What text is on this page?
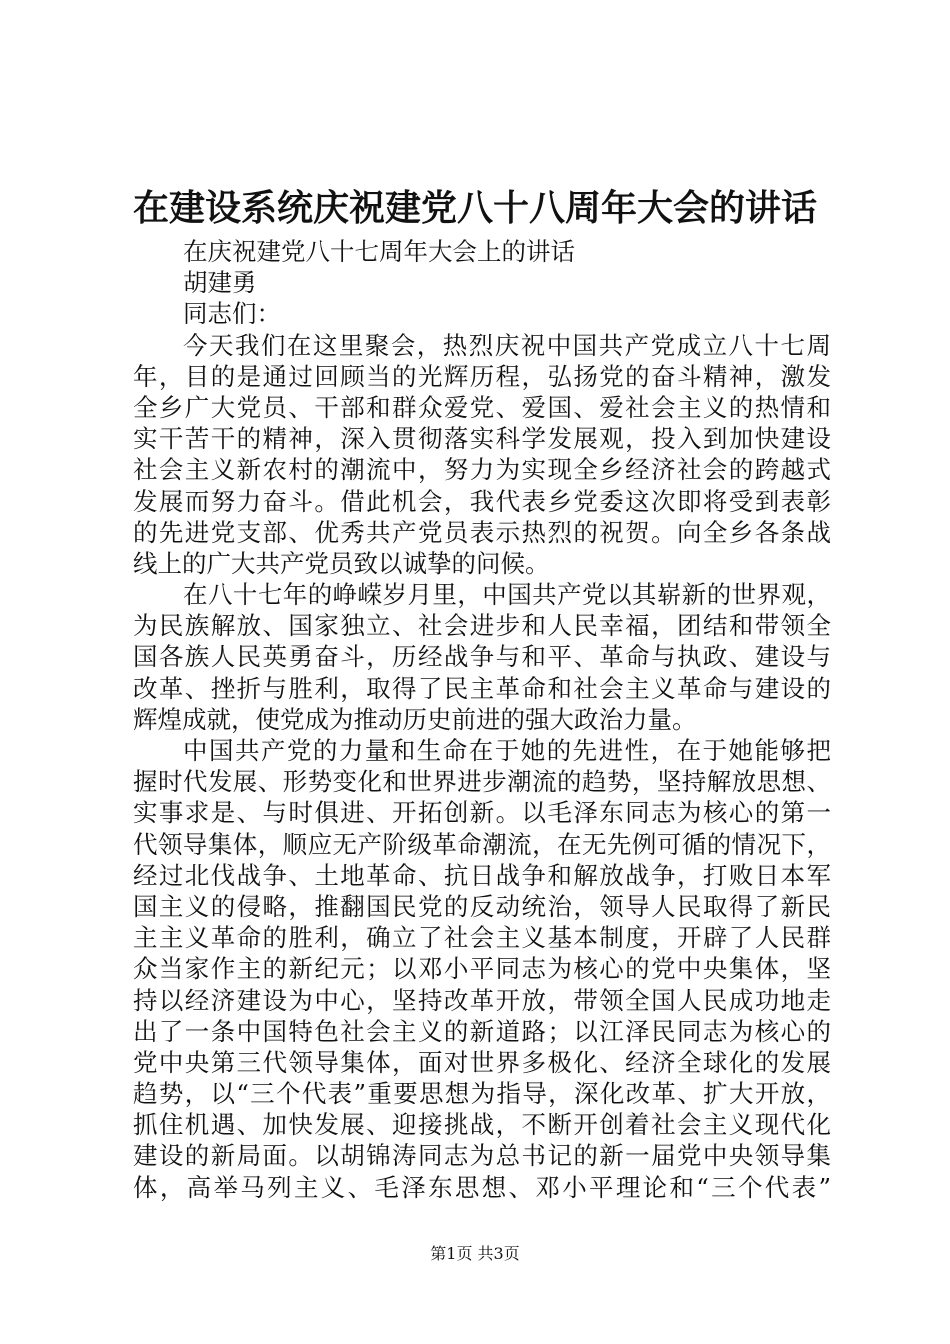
在建设系统庆祝建党八十八周年大会的讲话
在庆祝建党八十七周年大会上的讲话
胡建勇
同志们：
今天我们在这里聚会，热烈庆祝中国共产党成立八十七周
年，目的是通过回顾当的光辉历程，弘扬党的奋斗精神，激发
全乡广大党员、干部和群众爱党、爱国、爱社会主义的热情和
实干苦干的精神，深入贯彻落实科学发展观，投入到加快建设
社会主义新农村的潮流中，努力为实现全乡经济社会的跨越式
发展而努力奋斗。借此机会，我代表乡党委这次即将受到表彰
的先进党支部、优秀共产党员表示热烈的祝贺。向全乡各条战
线上的广大共产党员致以诚挚的问候。
在八十七年的峥嵘岁月里，中国共产党以其崭新的世界观，
为民族解放、国家独立、社会进步和人民幸福，团结和带领全
国各族人民英勇奋斗，历经战争与和平、革命与执政、建设与
改革、挫折与胜利，取得了民主革命和社会主义革命与建设的
辉煌成就，使党成为推动历史前进的强大政治力量。
中国共产党的力量和生命在于她的先进性，在于她能够把
握时代发展、形势变化和世界进步潮流的趋势，坚持解放思想、
实事求是、与时俱进、开拓创新。以毛泽东同志为核心的第一
代领导集体，顺应无产阶级革命潮流，在无先例可循的情况下，
经过北伐战争、土地革命、抗日战争和解放战争，打败日本军
国主义的侵略，推翻国民党的反动统治，领导人民取得了新民
主主义革命的胜利，确立了社会主义基本制度，开辟了人民群
众当家作主的新纪元；以邓小平同志为核心的党中央集体，坚
持以经济建设为中心，坚持改革开放，带领全国人民成功地走
出了一条中国特色社会主义的新道路；以江泽民同志为核心的
党中央第三代领导集体，面对世界多极化、经济全球化的发展
趋势，以“三个代表”重要思想为指导，深化改革、扩大开放，
抓住机遇、加快发展、迎接挑战，不断开创着社会主义现代化
建设的新局面。以胡锦涛同志为总书记的新一届党中央领导集
体，高举马列主义、毛泽东思想、邓小平理论和“三个代表”
第1页 共3页
